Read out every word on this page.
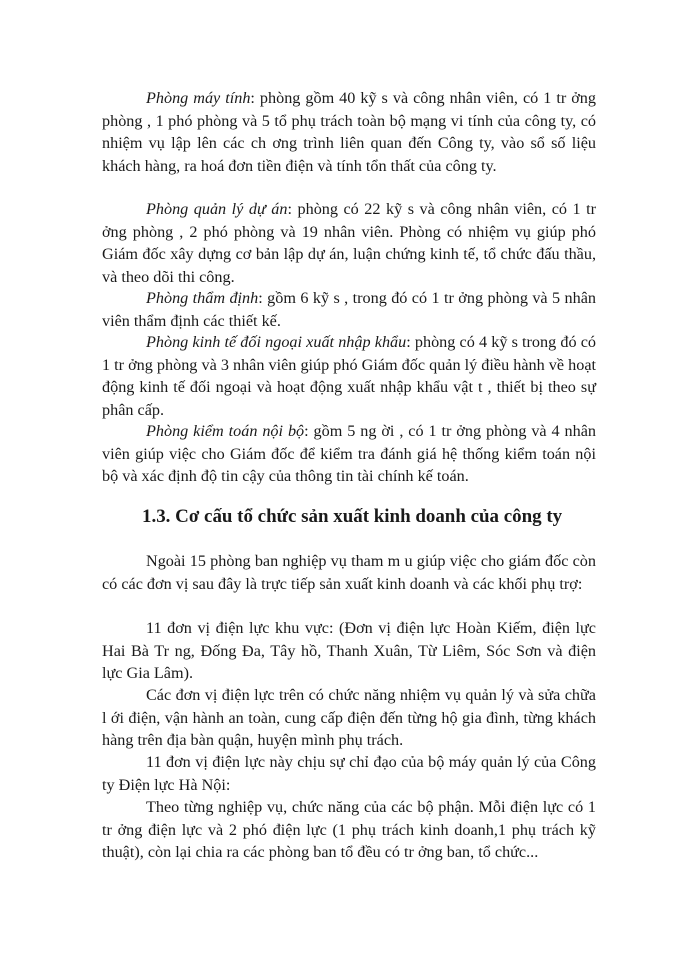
Phòng máy tính: phòng gồm 40 kỹ s và công nhân viên, có 1 tr ởng phòng , 1 phó phòng và 5 tổ phụ trách toàn bộ mạng vi tính của công ty, có nhiệm vụ lập lên các ch ơng trình liên quan đến Công ty, vào sổ số liệu khách hàng, ra hoá đơn tiền điện và tính tổn thất của công ty.

Phòng quản lý dự án: phòng có 22 kỹ s và công nhân viên, có 1 tr ởng phòng , 2 phó phòng và 19 nhân viên. Phòng có nhiệm vụ giúp phó Giám đốc xây dựng cơ bản lập dự án, luận chứng kinh tế, tổ chức đấu thầu, và theo dõi thi công.

Phòng thẩm định: gồm 6 kỹ s , trong đó có 1 tr ởng phòng và 5 nhân viên thẩm định các thiết kế.

Phòng kinh tế đối ngoại xuất nhập khẩu: phòng có 4 kỹ s trong đó có 1 tr ởng phòng và 3 nhân viên giúp phó Giám đốc quản lý điều hành về hoạt động kinh tế đối ngoại và hoạt động xuất nhập khẩu vật t , thiết bị theo sự phân cấp.

Phòng kiểm toán nội bộ: gồm 5 ng ời , có 1 tr ởng phòng và 4 nhân viên giúp việc cho Giám đốc để kiểm tra đánh giá hệ thống kiểm toán nội bộ và xác định độ tin cậy của thông tin tài chính kế toán.

1.3. Cơ cấu tổ chức sản xuất kinh doanh của công ty

Ngoài 15 phòng ban nghiệp vụ tham m u giúp việc cho giám đốc còn có các đơn vị sau đây là trực tiếp sản xuất kinh doanh và các khối phụ trợ:

11 đơn vị điện lực khu vực: (Đơn vị điện lực Hoàn Kiếm, điện lực Hai Bà Tr ng, Đống Đa, Tây hồ, Thanh Xuân, Từ Liêm, Sóc Sơn và điện lực Gia Lâm).

Các đơn vị điện lực trên có chức năng nhiệm vụ quản lý và sửa chữa l ới điện, vận hành an toàn, cung cấp điện đến từng hộ gia đình, từng khách hàng trên địa bàn quận, huyện mình phụ trách.

11 đơn vị điện lực này chịu sự chỉ đạo của bộ máy quản lý của Công ty Điện lực Hà Nội:

Theo từng nghiệp vụ, chức năng của các bộ phận. Mỗi điện lực có 1 tr ởng điện lực và 2 phó điện lực (1 phụ trách kinh doanh,1 phụ trách kỹ thuật), còn lại chia ra các phòng ban tổ đều có tr ởng ban, tổ chức...
